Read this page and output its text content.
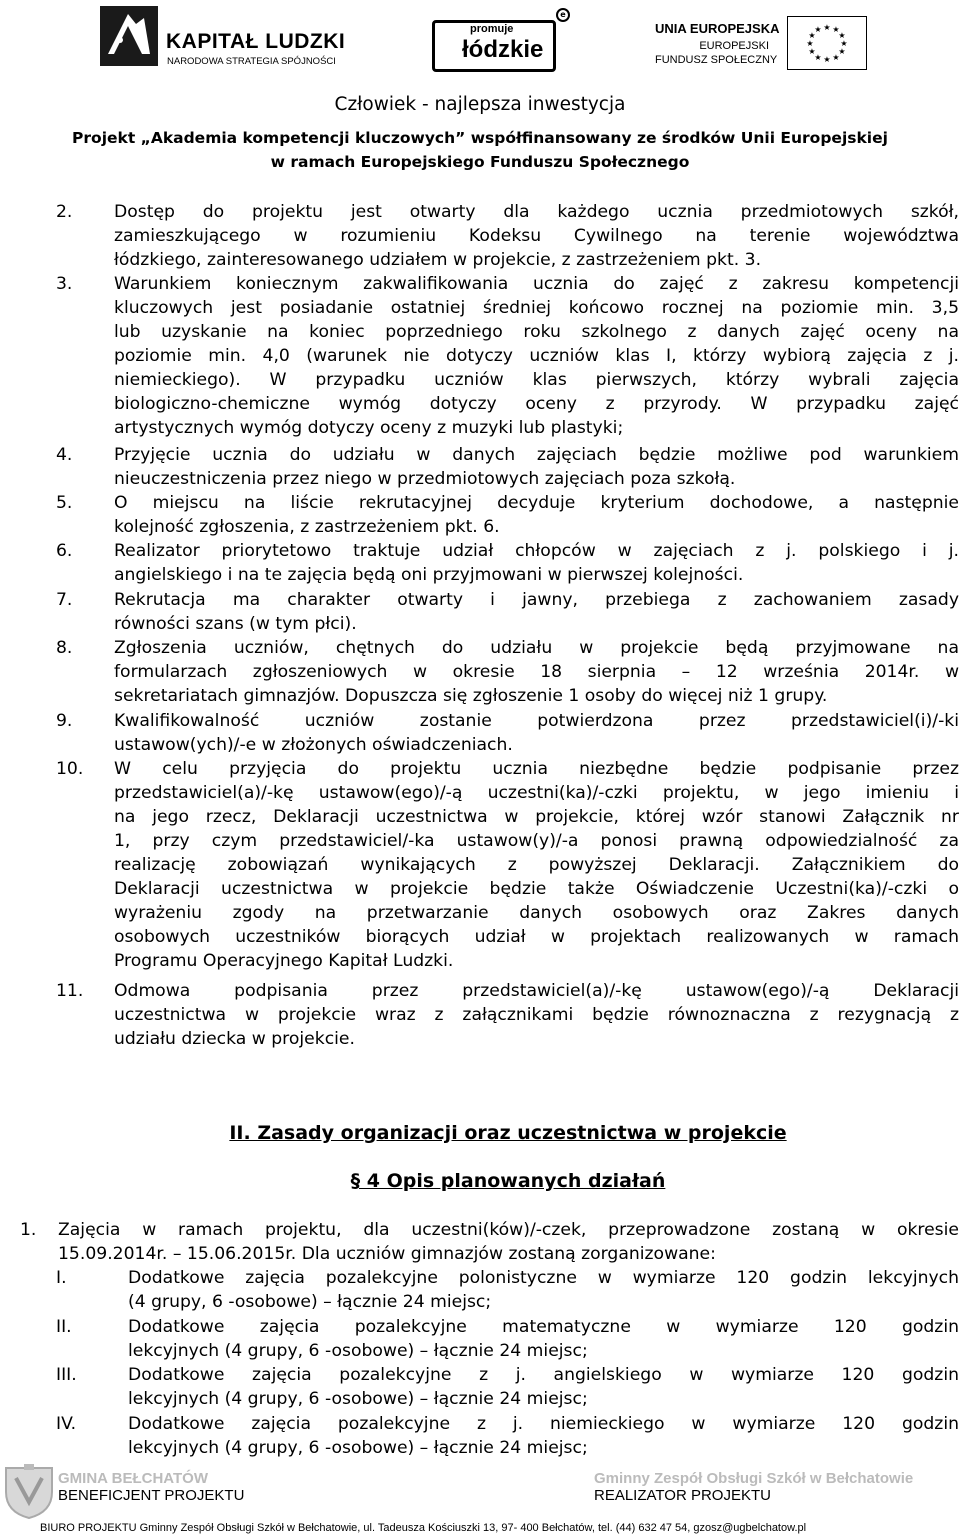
KAPITAŁ LUDZKI
NARODOWA STRATEGIA SPÓJNOŚCI
promuje
łódzkie
e
UNIA EUROPEJSKA
EUROPEJSKI
FUNDUSZ SPOŁECZNY
★ ★
★
★
★
★
★
★
★
★
★
★
Człowiek - najlepsza inwestycja
Projekt „Akademia kompetencji kluczowych” współfinansowany ze środków Unii Europejskiej
w ramach Europejskiego Funduszu Społecznego
2. Dostęp do projektu jest otwarty dla każdego ucznia przedmiotowych szkół,
zamieszkującego w rozumieniu Kodeksu Cywilnego na terenie województwa
łódzkiego, zainteresowanego udziałem w projekcie, z zastrzeżeniem pkt. 3.
3. Warunkiem koniecznym zakwalifikowania ucznia do zajęć z zakresu kompetencji
kluczowych jest posiadanie ostatniej średniej końcowo rocznej na poziomie min. 3,5
lub uzyskanie na koniec poprzedniego roku szkolnego z danych zajęć oceny na
poziomie min. 4,0 (warunek nie dotyczy uczniów klas I, którzy wybiorą zajęcia z j.
niemieckiego). W przypadku uczniów klas pierwszych, którzy wybrali zajęcia
biologiczno-chemiczne wymóg dotyczy oceny z przyrody. W przypadku zajęć
artystycznych wymóg dotyczy oceny z muzyki lub plastyki;
4. Przyjęcie ucznia do udziału w danych zajęciach będzie możliwe pod warunkiem
nieuczestniczenia przez niego w przedmiotowych zajęciach poza szkołą.
5. O miejscu na liście rekrutacyjnej decyduje kryterium dochodowe, a następnie
kolejność zgłoszenia, z zastrzeżeniem pkt. 6.
6. Realizator priorytetowo traktuje udział chłopców w zajęciach z j. polskiego i j.
angielskiego i na te zajęcia będą oni przyjmowani w pierwszej kolejności.
7. Rekrutacja ma charakter otwarty i jawny, przebiega z zachowaniem zasady
równości szans (w tym płci).
8. Zgłoszenia uczniów, chętnych do udziału w projekcie będą przyjmowane na
formularzach zgłoszeniowych w okresie 18 sierpnia – 12 września 2014r. w
sekretariatach gimnazjów. Dopuszcza się zgłoszenie 1 osoby do więcej niż 1 grupy.
9. Kwalifikowalność uczniów zostanie potwierdzona przez przedstawiciel(i)/-ki
ustawow(ych)/-e w złożonych oświadczeniach.
10. W celu przyjęcia do projektu ucznia niezbędne będzie podpisanie przez
przedstawiciel(a)/-kę ustawow(ego)/-ą uczestni(ka)/-czki projektu, w jego imieniu i
na jego rzecz, Deklaracji uczestnictwa w projekcie, której wzór stanowi Załącznik nr
1, przy czym przedstawiciel/-ka ustawow(y)/-a ponosi prawną odpowiedzialność za
realizację zobowiązań wynikających z powyższej Deklaracji. Załącznikiem do
Deklaracji uczestnictwa w projekcie będzie także Oświadczenie Uczestni(ka)/-czki o
wyrażeniu zgody na przetwarzanie danych osobowych oraz Zakres danych
osobowych uczestników biorących udział w projektach realizowanych w ramach
Programu Operacyjnego Kapitał Ludzki.
11. Odmowa podpisania przez przedstawiciel(a)/-kę ustawow(ego)/-ą Deklaracji
uczestnictwa w projekcie wraz z załącznikami będzie równoznaczna z rezygnacją z
udziału dziecka w projekcie.
II. Zasady organizacji oraz uczestnictwa w projekcie
§ 4 Opis planowanych działań
1. Zajęcia w ramach projektu, dla uczestni(ków)/-czek, przeprowadzone zostaną w okresie
15.09.2014r. – 15.06.2015r. Dla uczniów gimnazjów zostaną zorganizowane:
I.	Dodatkowe zajęcia pozalekcyjne polonistyczne w wymiarze 120 godzin lekcyjnych
(4 grupy, 6 -osobowe) – łącznie 24 miejsc;
II.	Dodatkowe zajęcia pozalekcyjne matematyczne w wymiarze 120 godzin
lekcyjnych (4 grupy, 6 -osobowe) – łącznie 24 miejsc;
III.	Dodatkowe zajęcia pozalekcyjne z j. angielskiego w wymiarze 120 godzin
lekcyjnych (4 grupy, 6 -osobowe) – łącznie 24 miejsc;
IV.	Dodatkowe zajęcia pozalekcyjne z j. niemieckiego w wymiarze 120 godzin
lekcyjnych (4 grupy, 6 -osobowe) – łącznie 24 miejsc;
GMINA BEŁCHATÓW
BENEFICJENT PROJEKTU
Gminny Zespół Obsługi Szkół w Bełchatowie
REALIZATOR PROJEKTU
BIURO PROJEKTU Gminny Zespół Obsługi Szkół w Bełchatowie, ul. Tadeusza Kościuszki 13, 97- 400 Bełchatów, tel. (44) 632 47 54, gzosz@ugbelchatow.pl
